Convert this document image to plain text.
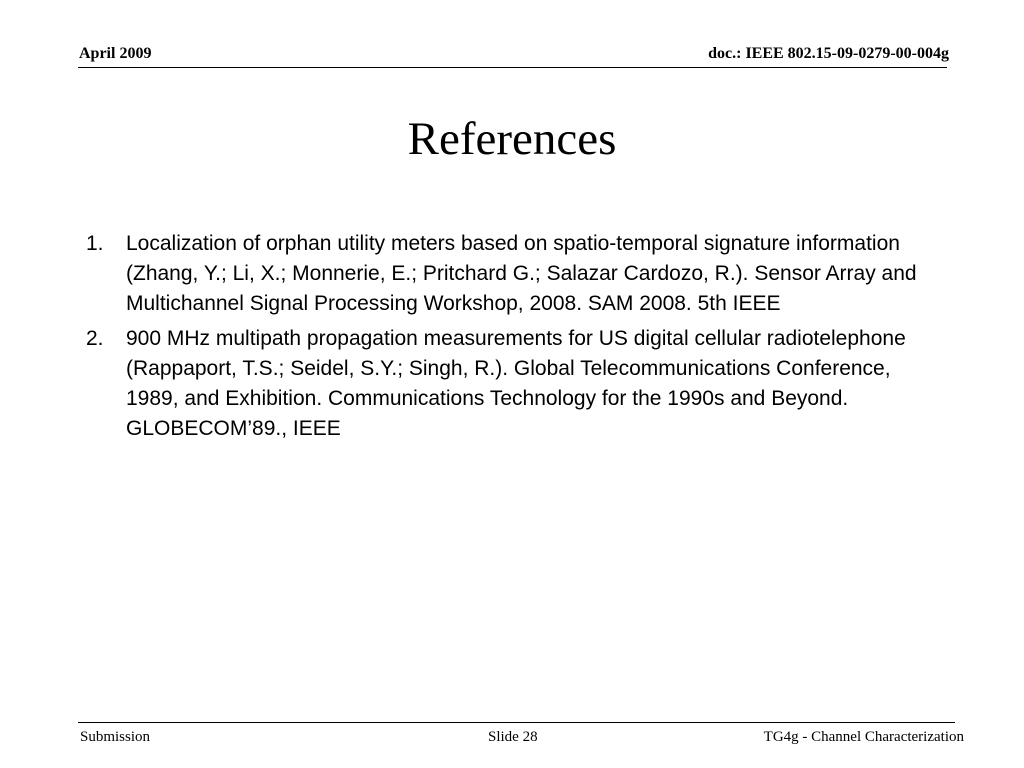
April 2009	doc.: IEEE 802.15-09-0279-00-004g
References
1. Localization of orphan utility meters based on spatio-temporal signature information (Zhang, Y.; Li, X.; Monnerie, E.; Pritchard G.; Salazar Cardozo, R.). Sensor Array and Multichannel Signal Processing Workshop, 2008. SAM 2008. 5th IEEE
2. 900 MHz multipath propagation measurements for US digital cellular radiotelephone (Rappaport, T.S.; Seidel, S.Y.; Singh, R.). Global Telecommunications Conference, 1989, and Exhibition. Communications Technology for the 1990s and Beyond. GLOBECOM’89., IEEE
Submission	Slide 28	TG4g - Channel Characterization
